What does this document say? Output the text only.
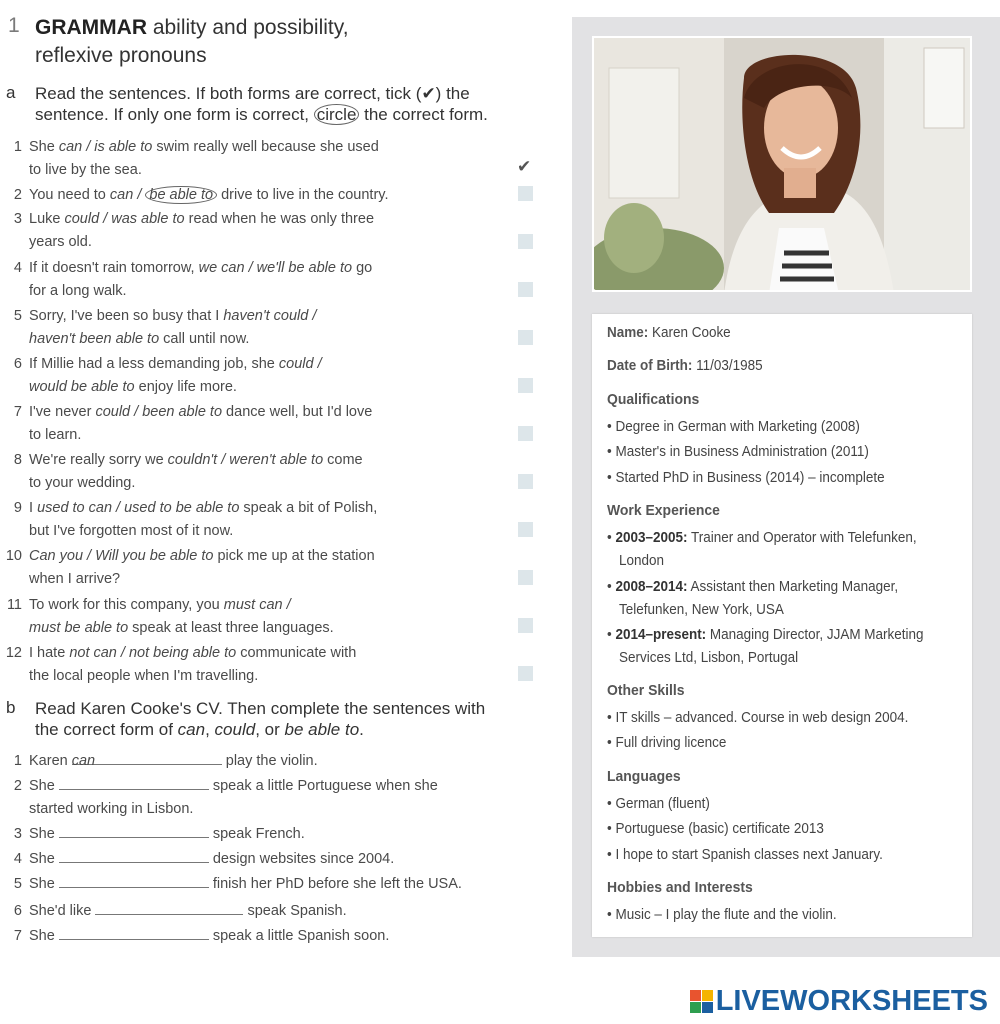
1 GRAMMAR ability and possibility,
reflexive pronouns
a Read the sentences. If both forms are correct, tick (✔) the
sentence. If only one form is correct, circle the correct form.
1 She can / is able to swim really well because she used
to live by the sea.	✔
2 You need to can / be able to drive to live in the country.
3 Luke could / was able to read when he was only three
years old.
4 If it doesn't rain tomorrow, we can / we'll be able to go
for a long walk.
5 Sorry, I've been so busy that I haven't could /
haven't been able to call until now.
6 If Millie had a less demanding job, she could /
would be able to enjoy life more.
7 I've never could / been able to dance well, but I'd love
to learn.
8 We're really sorry we couldn't / weren't able to come
to your wedding.
9 I used to can / used to be able to speak a bit of Polish,
but I've forgotten most of it now.
10 Can you / Will you be able to pick me up at the station
when I arrive?
11 To work for this company, you must can /
must be able to speak at least three languages.
12 I hate not can / not being able to communicate with
the local people when I'm travelling.
b Read Karen Cooke's CV. Then complete the sentences with
the correct form of can, could, or be able to.
1 Karen can	play the violin.
2 She	speak a little Portuguese when she
started working in Lisbon.
3 She	speak French.
4 She	design websites since 2004.
5 She	finish her PhD before she left the USA.
6 She'd like	speak Spanish.
7 She	speak a little Spanish soon.
Name: Karen Cooke
Date of Birth: 11/03/1985
Qualifications
• Degree in German with Marketing (2008)
• Master's in Business Administration (2011)
• Started PhD in Business (2014) – incomplete
Work Experience
• 2003–2005: Trainer and Operator with Telefunken,
London
• 2008–2014: Assistant then Marketing Manager,
Telefunken, New York, USA
• 2014–present: Managing Director, JJAM Marketing
Services Ltd, Lisbon, Portugal
Other Skills
• IT skills – advanced. Course in web design 2004.
• Full driving licence
Languages
• German (fluent)
• Portuguese (basic) certificate 2013
• I hope to start Spanish classes next January.
Hobbies and Interests
• Music – I play the flute and the violin.
LIVEWORKSHEETS
